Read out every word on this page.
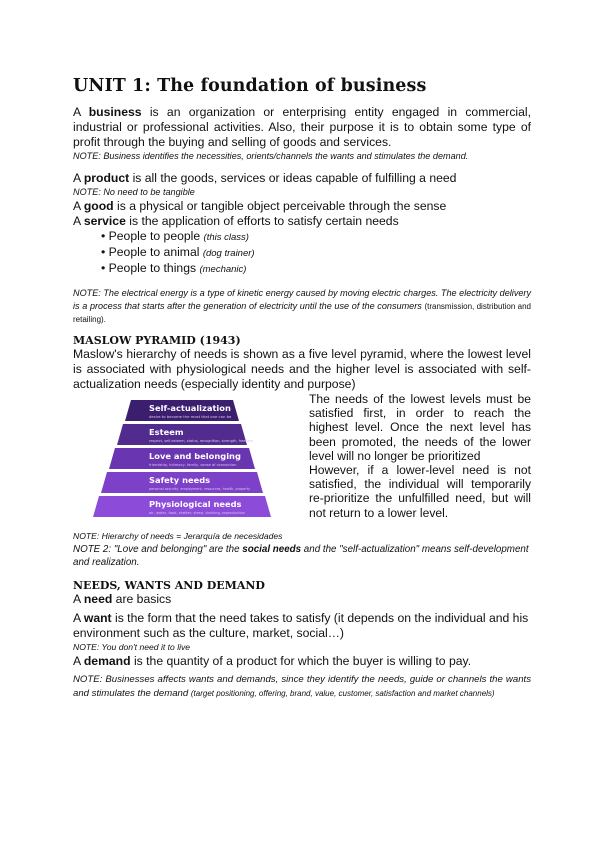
UNIT 1: The foundation of business

A business is an organization or enterprising entity engaged in commercial, industrial or professional activities. Also, their purpose it is to obtain some type of profit through the buying and selling of goods and services.

NOTE: Business identifies the necessities, orients/channels the wants and stimulates the demand.

A product is all the goods, services or ideas capable of fulfilling a need

NOTE: No need to be tangible

A good is a physical or tangible object perceivable through the sense

A service is the application of efforts to satisfy certain needs

• People to people (this class)
• People to animal (dog trainer)
• People to things (mechanic)

NOTE: The electrical energy is a type of kinetic energy caused by moving electric charges. The electricity delivery is a process that starts after the generation of electricity until the use of the consumers (transmission, distribution and retailing).

MASLOW PYRAMID (1943)

Maslow's hierarchy of needs is shown as a five level pyramid, where the lowest level is associated with physiological needs and the higher level is associated with self-actualization needs (especially identity and purpose)

Self-actualization
desire to become the most that one can be
Esteem
respect, self-esteem, status, recognition, strength, freedom
Love and belonging
friendship, intimacy, family, sense of connection
Safety needs
personal security, employment, resources, health, property
Physiological needs
air, water, food, shelter, sleep, clothing, reproduction
The needs of the lowest levels must be satisfied first, in order to reach the highest level. Once the next level has been promoted, the needs of the lower level will no longer be prioritized
However, if a lower-level need is not satisfied, the individual will temporarily re-prioritize the unfulfilled need, but will not return to a lower level.

NOTE: Hierarchy of needs = Jerarquía de necesidades

NOTE 2: "Love and belonging" are the social needs and the "self-actualization" means self-development and realization.

NEEDS, WANTS AND DEMAND

A need are basics

A want is the form that the need takes to satisfy (it depends on the individual and his environment such as the culture, market, social…)

NOTE: You don't need it to live

A demand is the quantity of a product for which the buyer is willing to pay.

NOTE: Businesses affects wants and demands, since they identify the needs, guide or channels the wants and stimulates the demand (target positioning, offering, brand, value, customer, satisfaction and market channels)
